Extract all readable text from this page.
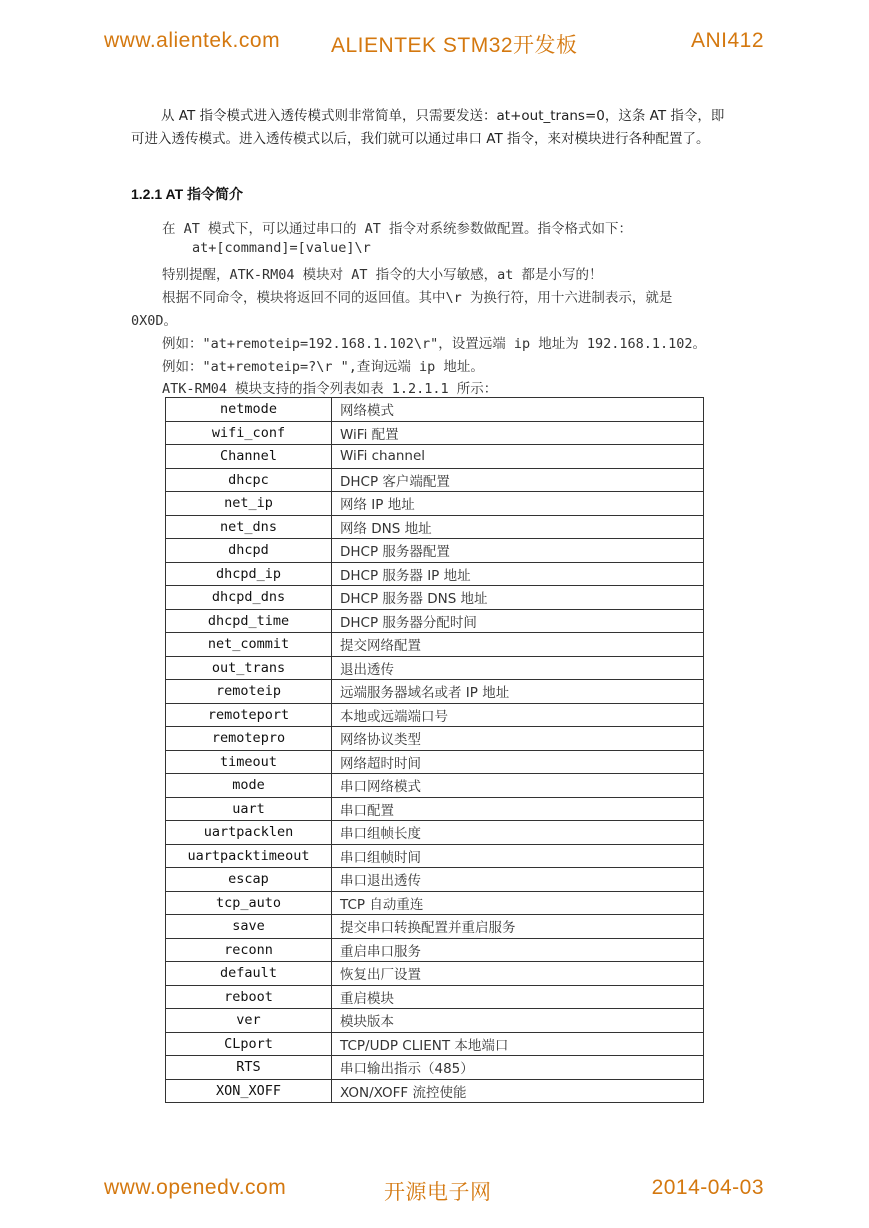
www.alientek.com ALIENTEK STM32开发板	ANI412
从 AT 指令模式进入透传模式则非常简单，只需要发送：at+out_trans=0，这条 AT 指令，即可进入透传模式。进入透传模式以后，我们就可以通过串口 AT 指令，来对模块进行各种配置了。
1.2.1 AT 指令简介
在 AT 模式下，可以通过串口的 AT 指令对系统参数做配置。指令格式如下：
at+[command]=[value]\r
特别提醒，ATK-RM04 模块对 AT 指令的大小写敏感，at 都是小写的！
根据不同命令，模块将返回不同的返回值。其中\r 为换行符，用十六进制表示，就是
0X0D。
例如："at+remoteip=192.168.1.102\r"，设置远端 ip 地址为 192.168.1.102。
例如："at+remoteip=?\r ",查询远端 ip 地址。
ATK-RM04 模块支持的指令列表如表 1.2.1.1 所示：
netmode	网络模式
wifi_conf	WiFi 配置
Channel	WiFi channel
dhcpc	DHCP 客户端配置
net_ip	网络 IP 地址
net_dns	网络 DNS 地址
dhcpd	DHCP 服务器配置
dhcpd_ip	DHCP 服务器 IP 地址
dhcpd_dns	DHCP 服务器 DNS 地址
dhcpd_time	DHCP 服务器分配时间
net_commit	提交网络配置
out_trans	退出透传
remoteip	远端服务器域名或者 IP 地址
remoteport	本地或远端端口号
remotepro	网络协议类型
timeout	网络超时时间
mode	串口网络模式
uart	串口配置
uartpacklen	串口组帧长度
uartpacktimeout	串口组帧时间
escap	串口退出透传
tcp_auto	TCP 自动重连
save	提交串口转换配置并重启服务
reconn	重启串口服务
default	恢复出厂设置
reboot	重启模块
ver	模块版本
CLport	TCP/UDP CLIENT 本地端口
RTS	串口输出指示（485）
XON_XOFF	XON/XOFF 流控使能
www.openedv.com	开源电子网	2014-04-03
